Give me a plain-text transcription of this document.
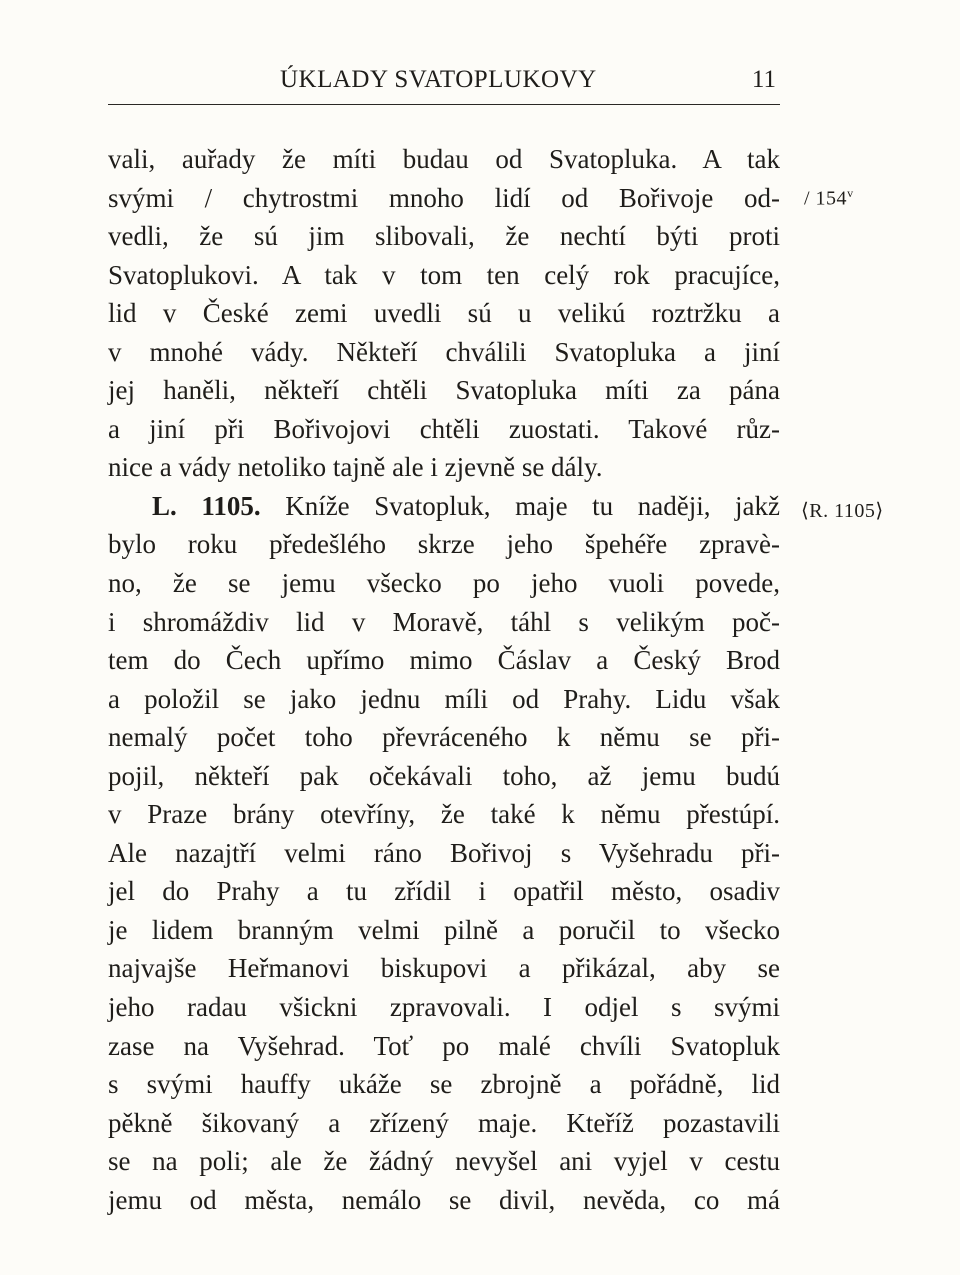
ÚKLADY SVATOPLUKOVY	11
vali, auřady že míti budau od Svatopluka. A tak
svými / chytrostmi mnoho lidí od Bořivoje od-
vedli, že sú jim slibovali, že nechtí býti proti
Svatoplukovi. A tak v tom ten celý rok pracujíce,
lid v České zemi uvedli sú u velikú roztržku a
v mnohé vády. Někteří chválili Svatopluka a jiní
jej haněli, někteří chtěli Svatopluka míti za pána
a jiní při Bořivojovi chtěli zuostati. Takové růz-
nice a vády netoliko tajně ale i zjevně se dály.
L. 1105. Kníže Svatopluk, maje tu naději, jakž
bylo roku předešlého skrze jeho špehéře zpravè-
no, že se jemu všecko po jeho vuoli povede,
i shromáždiv lid v Moravě, táhl s velikým poč-
tem do Čech upřímo mimo Čáslav a Český Brod
a položil se jako jednu míli od Prahy. Lidu však
nemalý počet toho převráceného k němu se při-
pojil, někteří pak očekávali toho, až jemu budú
v Praze brány otevříny, že také k němu přestúpí.
Ale nazajtří velmi ráno Bořivoj s Vyšehradu při-
jel do Prahy a tu zřídil i opatřil město, osadiv
je lidem branným velmi pilně a poručil to všecko
najvajše Heřmanovi biskupovi a přikázal, aby se
jeho radau všickni zpravovali. I odjel s svými
zase na Vyšehrad. Toť po malé chvíli Svatopluk
s svými hauffy ukáže se zbrojně a pořádně, lid
pěkně šikovaný a zřízený maje. Kteříž pozastavili
se na poli; ale že žádný nevyšel ani vyjel v cestu
jemu od města, nemálo se divil, nevěda, co má
/ 154$^v$
⟨R. 1105⟩
